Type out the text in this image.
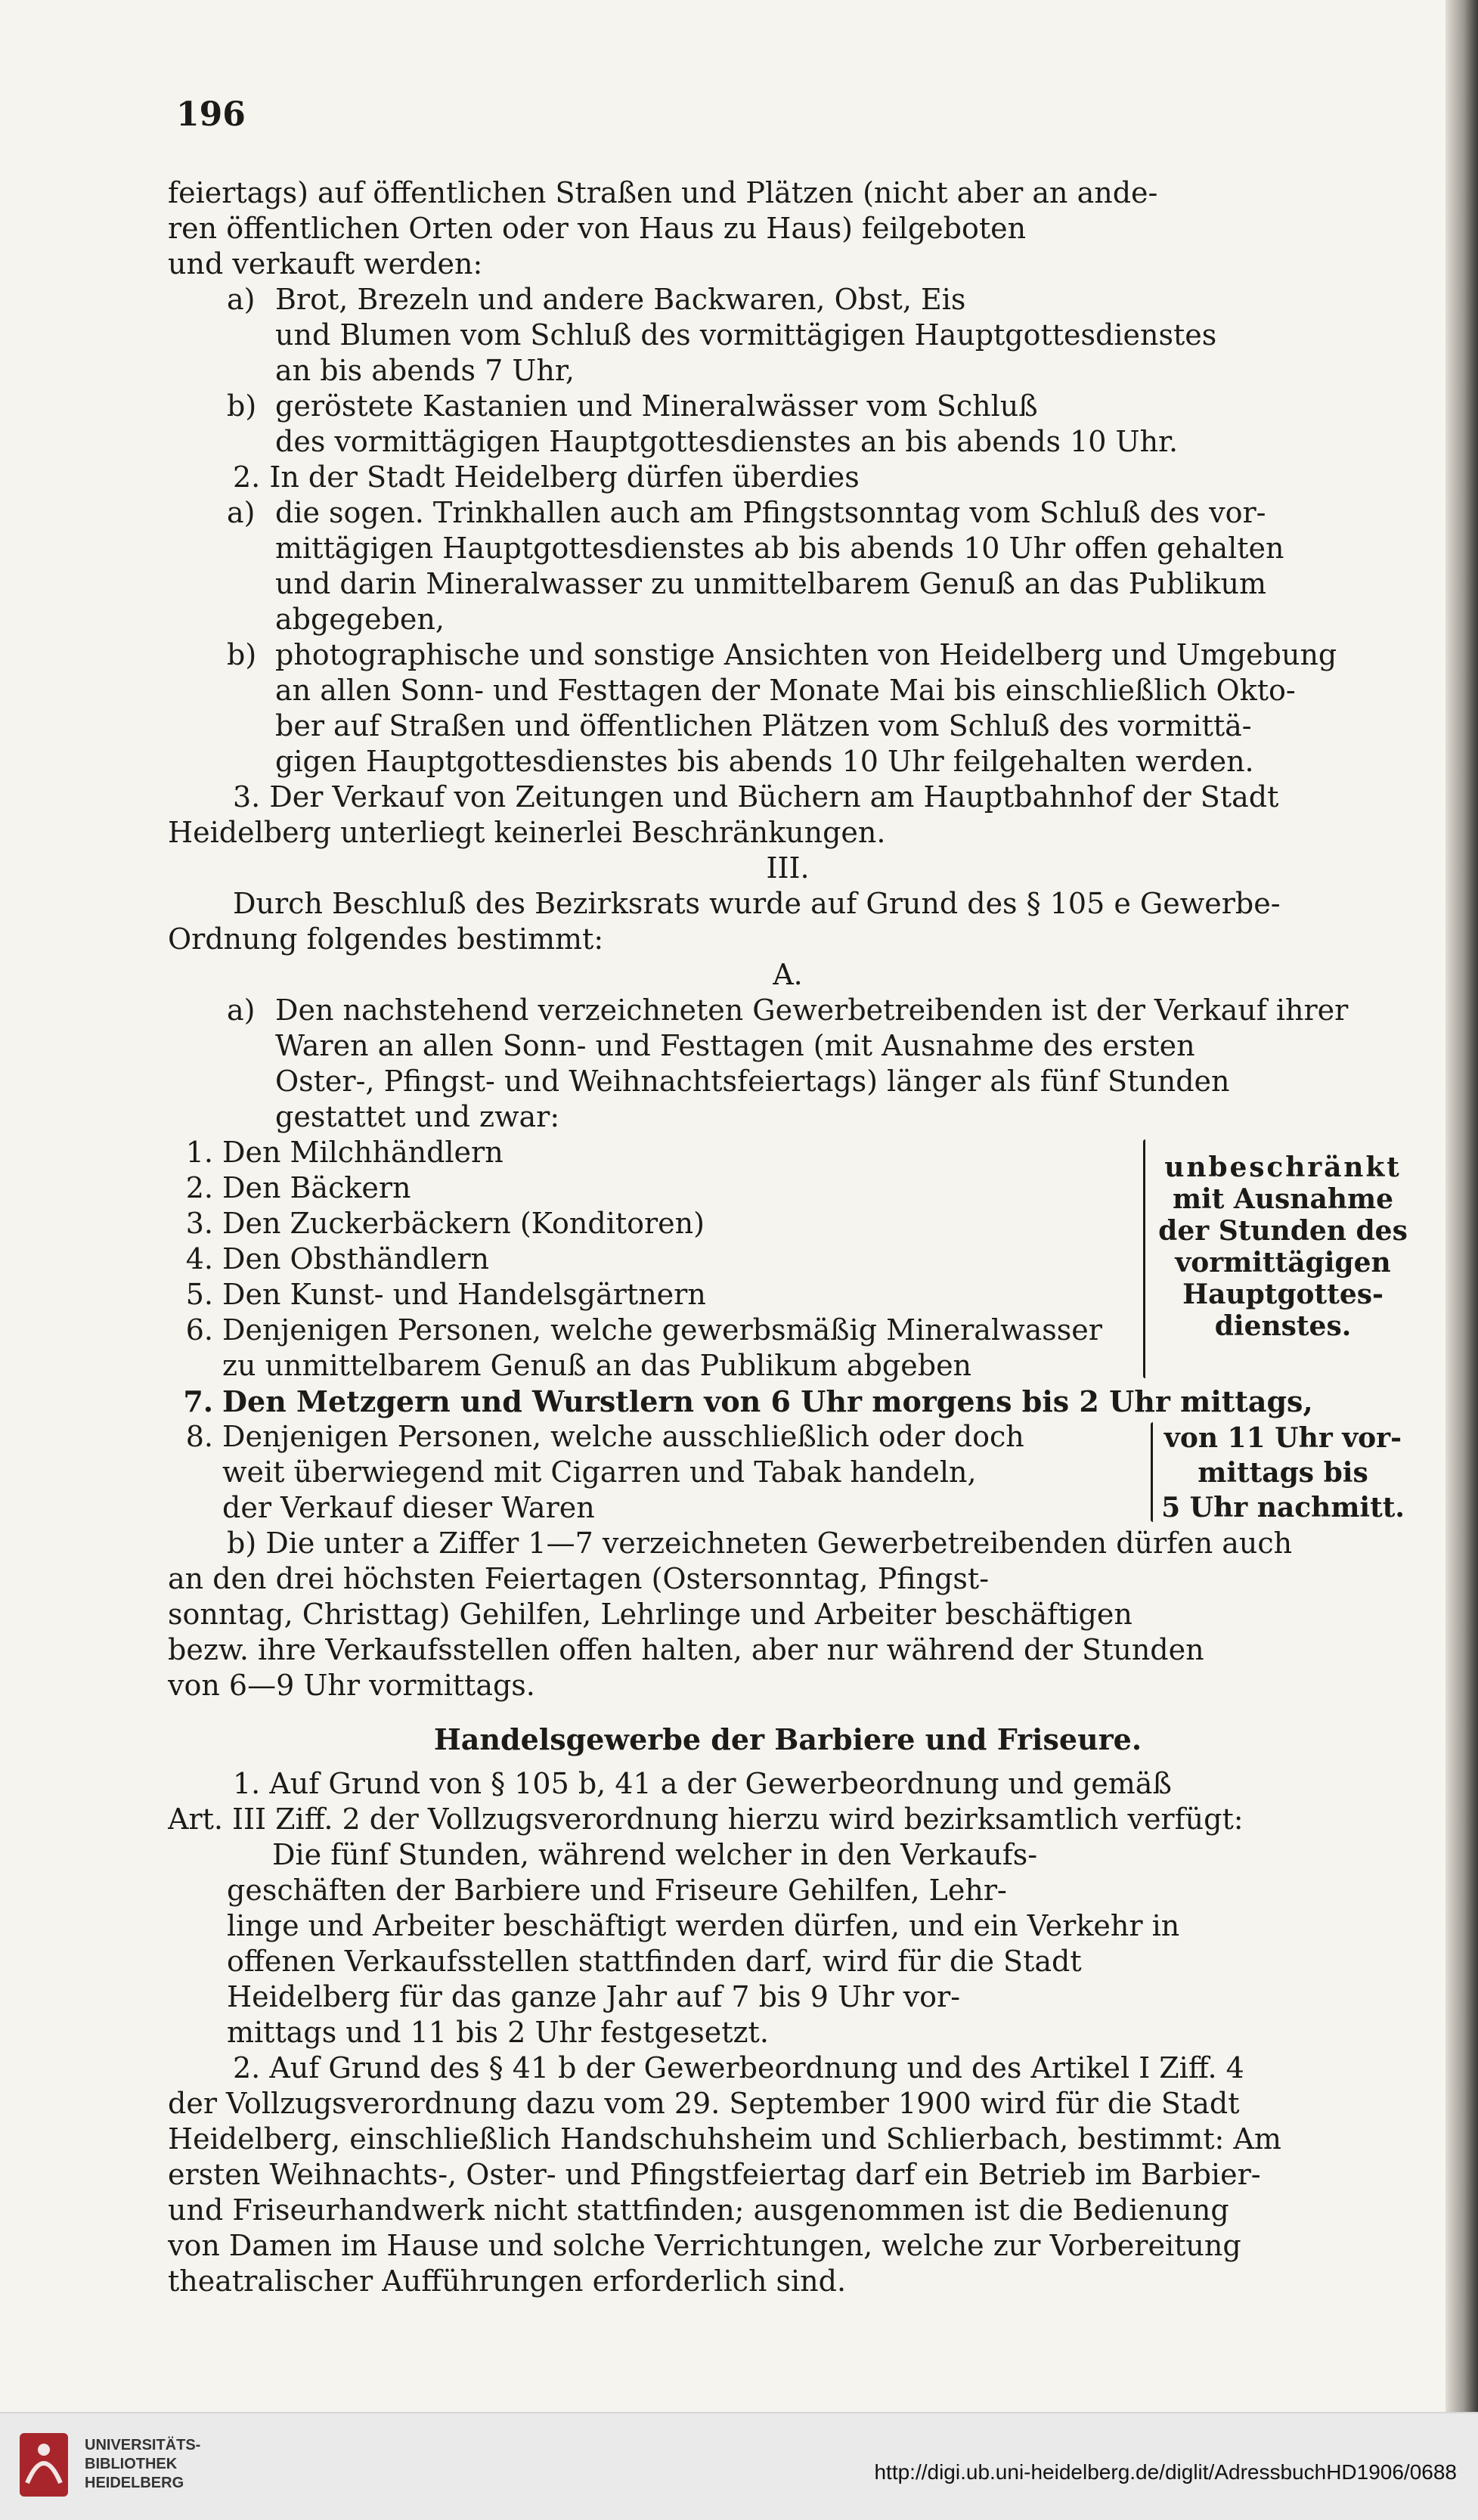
196
feiertags) auf öffentlichen Straßen und Plätzen (nicht aber an ande-
ren öffentlichen Orten oder von Haus zu Haus) feilgeboten
und verkauft werden:
a) Brot, Brezeln und andere Backwaren, Obst, Eis
und Blumen vom Schluß des vormittägigen Hauptgottesdienstes
an bis abends 7 Uhr,
b) geröstete Kastanien und Mineralwässer vom Schluß
des vormittägigen Hauptgottesdienstes an bis abends 10 Uhr.
2. In der Stadt Heidelberg dürfen überdies
a) die sogen. Trinkhallen auch am Pfingstsonntag vom Schluß des vor-
mittägigen Hauptgottesdienstes ab bis abends 10 Uhr offen gehalten
und darin Mineralwasser zu unmittelbarem Genuß an das Publikum
abgegeben,
b) photographische und sonstige Ansichten von Heidelberg und Umgebung
an allen Sonn- und Festtagen der Monate Mai bis einschließlich Okto-
ber auf Straßen und öffentlichen Plätzen vom Schluß des vormittä-
gigen Hauptgottesdienstes bis abends 10 Uhr feilgehalten werden.
3. Der Verkauf von Zeitungen und Büchern am Hauptbahnhof der Stadt
Heidelberg unterliegt keinerlei Beschränkungen.
III.
Durch Beschluß des Bezirksrats wurde auf Grund des § 105 e Gewerbe-
Ordnung folgendes bestimmt:
A.
a) Den nachstehend verzeichneten Gewerbetreibenden ist der Verkauf ihrer
Waren an allen Sonn- und Festtagen (mit Ausnahme des ersten
Oster-, Pfingst- und Weihnachtsfeiertags) länger als fünf Stunden
gestattet und zwar:
1. Den Milchhändlern
2. Den Bäckern
3. Den Zuckerbäckern (Konditoren)
4. Den Obsthändlern
5. Den Kunst- und Handelsgärtnern
6. Denjenigen Personen, welche gewerbsmäßig Mineralwasser
zu unmittelbarem Genuß an das Publikum abgeben
unbeschränkt
mit Ausnahme
der Stunden des
vormittägigen
Hauptgottes-
dienstes.
7. Den Metzgern und Wurstlern von 6 Uhr morgens bis 2 Uhr mittags,
8. Denjenigen Personen, welche ausschließlich oder doch
weit überwiegend mit Cigarren und Tabak handeln,
der Verkauf dieser Waren
von 11 Uhr vor-
mittags bis
5 Uhr nachmitt.
b) Die unter a Ziffer 1—7 verzeichneten Gewerbetreibenden dürfen auch
an den drei höchsten Feiertagen (Ostersonntag, Pfingst-
sonntag, Christtag) Gehilfen, Lehrlinge und Arbeiter beschäftigen
bezw. ihre Verkaufsstellen offen halten, aber nur während der Stunden
von 6—9 Uhr vormittags.
Handelsgewerbe der Barbiere und Friseure.
1. Auf Grund von § 105 b, 41 a der Gewerbeordnung und gemäß
Art. III Ziff. 2 der Vollzugsverordnung hierzu wird bezirksamtlich verfügt:
Die fünf Stunden, während welcher in den Verkaufs-
geschäften der Barbiere und Friseure Gehilfen, Lehr-
linge und Arbeiter beschäftigt werden dürfen, und ein Verkehr in
offenen Verkaufsstellen stattfinden darf, wird für die Stadt
Heidelberg für das ganze Jahr auf 7 bis 9 Uhr vor-
mittags und 11 bis 2 Uhr festgesetzt.
2. Auf Grund des § 41 b der Gewerbeordnung und des Artikel I Ziff. 4
der Vollzugsverordnung dazu vom 29. September 1900 wird für die Stadt
Heidelberg, einschließlich Handschuhsheim und Schlierbach, bestimmt: Am
ersten Weihnachts-, Oster- und Pfingstfeiertag darf ein Betrieb im Barbier-
und Friseurhandwerk nicht stattfinden; ausgenommen ist die Bedienung
von Damen im Hause und solche Verrichtungen, welche zur Vorbereitung
theatralischer Aufführungen erforderlich sind.
UNIVERSITÄTS-
BIBLIOTHEK
HEIDELBERG	http://digi.ub.uni-heidelberg.de/diglit/AdressbuchHD1906/0688
